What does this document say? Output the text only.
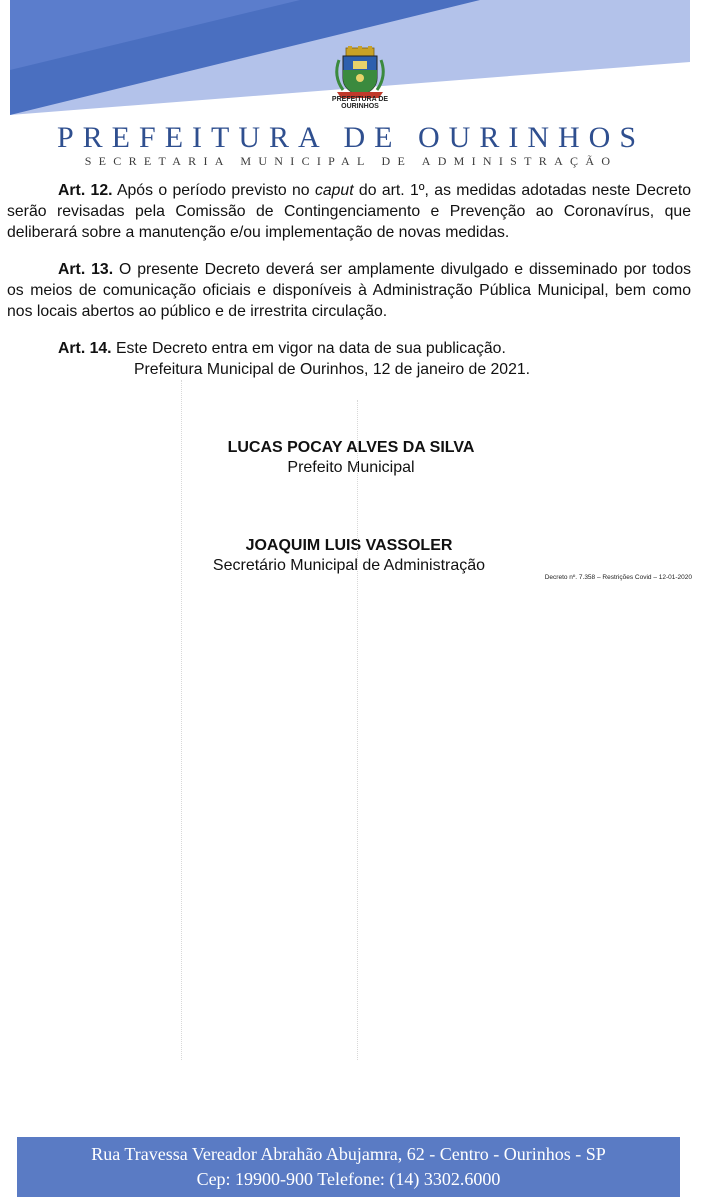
PREFEITURA DE
OURINHOS
PREFEITURA DE OURINHOS
SECRETARIA MUNICIPAL DE ADMINISTRAÇÃO

Art. 12. Após o período previsto no caput do art. 1º, as medidas adotadas neste Decreto serão revisadas pela Comissão de Contingenciamento e Prevenção ao Coronavírus, que deliberará sobre a manutenção e/ou implementação de novas medidas.

Art. 13. O presente Decreto deverá ser amplamente divulgado e disseminado por todos os meios de comunicação oficiais e disponíveis à Administração Pública Municipal, bem como nos locais abertos ao público e de irrestrita circulação.

Art. 14. Este Decreto entra em vigor na data de sua publicação.

Prefeitura Municipal de Ourinhos, 12 de janeiro de 2021.

LUCAS POCAY ALVES DA SILVA
Prefeito Municipal
JOAQUIM LUIS VASSOLER
Secretário Municipal de Administração
Decreto nº. 7.358 – Restrições Covid – 12-01-2020
Rua Travessa Vereador Abrahão Abujamra, 62 - Centro - Ourinhos - SP
Cep: 19900-900 Telefone: (14) 3302.6000
